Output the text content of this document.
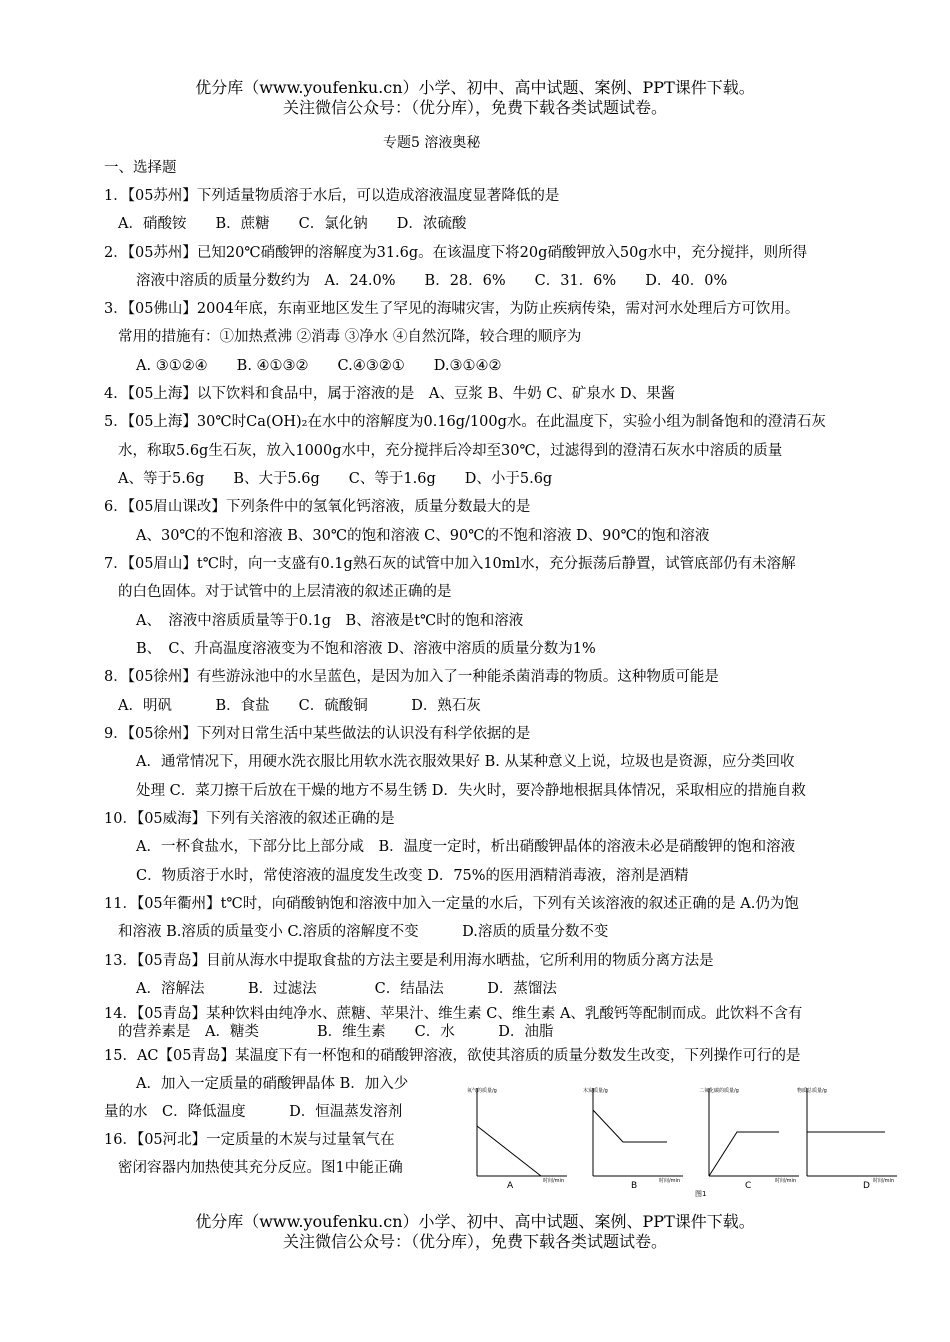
优分库（www.youfenku.cn）小学、初中、高中试题、案例、PPT课件下载。
关注微信公众号：（优分库），免费下载各类试题试卷。
专题5 溶液奥秘
一、选择题
1．【05苏州】下列适量物质溶于水后，可以造成溶液温度显著降低的是
A．硝酸铵　　B．蔗糖　　C．氯化钠　　D．浓硫酸
2．【05苏州】已知20℃硝酸钾的溶解度为31.6g。在该温度下将20g硝酸钾放入50g水中，充分搅拌，则所得
溶液中溶质的质量分数约为　A．24.0%　　B．28．6%　　C．31．6%　　D．40．0%
3．【05佛山】2004年底，东南亚地区发生了罕见的海啸灾害，为防止疾病传染，需对河水处理后方可饮用。
常用的措施有：①加热煮沸 ②消毒 ③净水 ④自然沉降，较合理的顺序为
A. ③①②④　　B. ④①③②　　C.④③②①　　D.③①④②
4．【05上海】以下饮料和食品中，属于溶液的是　A、豆浆 B、牛奶 C、矿泉水 D、果酱
5．【05上海】30℃时Ca(OH)₂在水中的溶解度为0.16g/100g水。在此温度下，实验小组为制备饱和的澄清石灰
水，称取5.6g生石灰，放入1000g水中，充分搅拌后冷却至30℃，过滤得到的澄清石灰水中溶质的质量
A、等于5.6g　　B、大于5.6g　　C、等于1.6g　　D、小于5.6g
6．【05眉山课改】下列条件中的氢氧化钙溶液，质量分数最大的是
A、30℃的不饱和溶液 B、30℃的饱和溶液 C、90℃的不饱和溶液 D、90℃的饱和溶液
7．【05眉山】t℃时，向一支盛有0.1g熟石灰的试管中加入10ml水，充分振荡后静置，试管底部仍有未溶解
的白色固体。对于试管中的上层清液的叙述正确的是
A、　溶液中溶质质量等于0.1g　B、溶液是t℃时的饱和溶液
B、　C、升高温度溶液变为不饱和溶液 D、溶液中溶质的质量分数为1%
8．【05徐州】有些游泳池中的水呈蓝色，是因为加入了一种能杀菌消毒的物质。这种物质可能是
A．明矾　　　B．食盐　　C．硫酸铜　　　D．熟石灰
9．【05徐州】下列对日常生活中某些做法的认识没有科学依据的是
A．通常情况下，用硬水洗衣服比用软水洗衣服效果好 B. 从某种意义上说，垃圾也是资源，应分类回收
处理 C．菜刀擦干后放在干燥的地方不易生锈 D．失火时，要冷静地根据具体情况，采取相应的措施自救
10．【05威海】下列有关溶液的叙述正确的是
A．一杯食盐水，下部分比上部分咸　B．温度一定时，析出硝酸钾晶体的溶液未必是硝酸钾的饱和溶液
C．物质溶于水时，常使溶液的温度发生改变 D．75%的医用酒精消毒液，溶剂是酒精
11．【05年衢州】t℃时，向硝酸钠饱和溶液中加入一定量的水后，下列有关该溶液的叙述正确的是 A.仍为饱
和溶液 B.溶质的质量变小 C.溶质的溶解度不变　　　D.溶质的质量分数不变
13．【05青岛】目前从海水中提取食盐的方法主要是利用海水晒盐，它所利用的物质分离方法是
A．溶解法　　　B．过滤法　　　　C．结晶法　　　D．蒸馏法
14．【05青岛】某种饮料由纯净水、蔗糖、苹果汁、维生素 C、维生素 A、乳酸钙等配制而成。此饮料不含有
的营养素是　A．糖类　　　　B．维生素　　C．水　　　D．油脂
15．AC【05青岛】某温度下有一杯饱和的硝酸钾溶液，欲使其溶质的质量分数发生改变，下列操作可行的是
A．加入一定质量的硝酸钾晶体 B．加入少
量的水　C．降低温度　　　D．恒温蒸发溶剂
16．【05河北】一定质量的木炭与过量氧气在
密闭容器内加热使其充分反应。图1中能正确
氧气的质量/g	木炭质量/g	二氧化碳的质量/g	物质总质量/g
时间/min	时间/min	时间/min	时间/min
A	B	C	D
图1
优分库（www.youfenku.cn）小学、初中、高中试题、案例、PPT课件下载。
关注微信公众号：（优分库），免费下载各类试题试卷。
